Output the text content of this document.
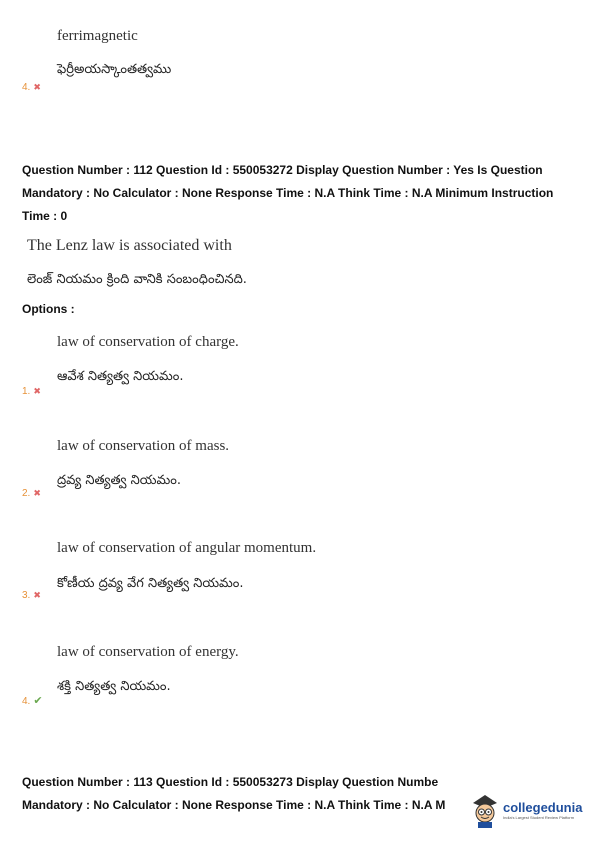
ferrimagnetic
ఫెర్రీఅయస్కాంతత్వము
4. ✖
Question Number : 112 Question Id : 550053272 Display Question Number : Yes Is Question
Mandatory : No Calculator : None Response Time : N.A Think Time : N.A Minimum Instruction
Time : 0
The Lenz law is associated with
లెంజ్ నియమం క్రింది వానికి సంబంధించినది.
Options :
law of conservation of charge.
ఆవేశ నిత్యత్వ నియమం.
1. ✖
law of conservation of mass.
ద్రవ్య నిత్యత్వ నియమం.
2. ✖
law of conservation of angular momentum.
కోణీయ ద్రవ్య వేగ నిత్యత్వ నియమం.
3. ✖
law of conservation of energy.
శక్తి నిత్యత్వ నియమం.
4. ✔
Question Number : 113 Question Id : 550053273 Display Question Numbe
Mandatory : No Calculator : None Response Time : N.A Think Time : N.A M	collegedunia
India's Largest Student Review Platform
